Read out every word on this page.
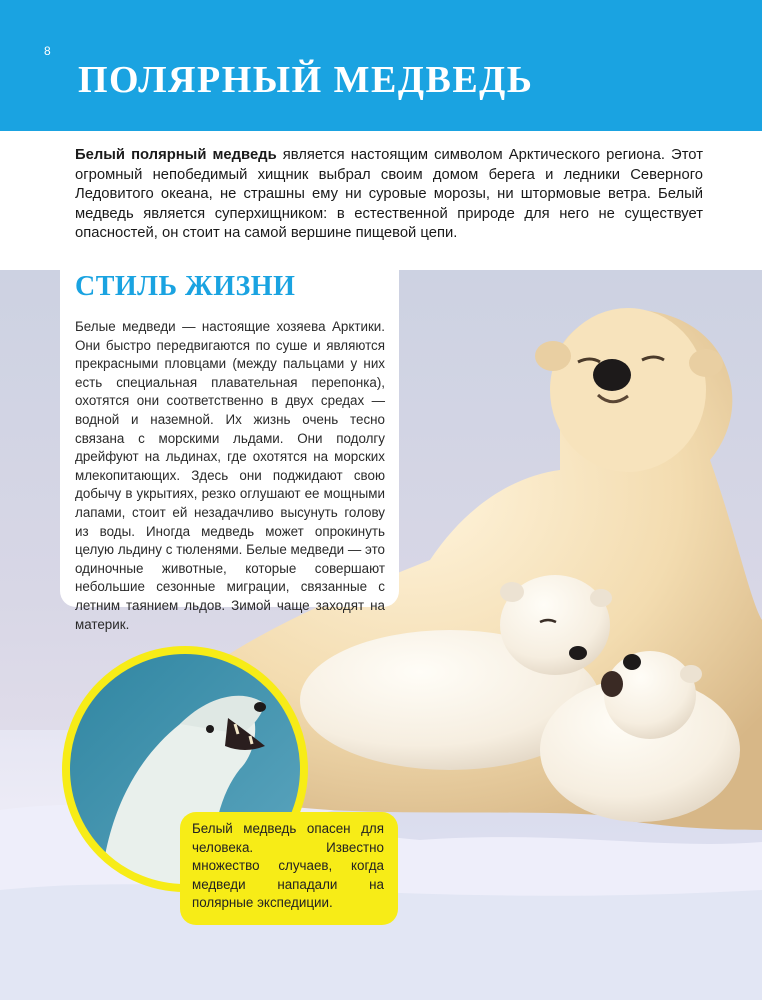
8
ПОЛЯРНЫЙ МЕДВЕДЬ

Белый полярный медведь является настоящим символом Арктического региона. Этот огромный непобедимый хищник выбрал своим домом берега и ледники Северного Ледовитого океана, не страшны ему ни суровые морозы, ни штормовые ветра. Белый медведь является суперхищником: в естественной природе для него не существует опасностей, он стоит на самой вершине пищевой цепи.

СТИЛЬ ЖИЗНИ

Белые медведи — настоящие хозяева Арктики. Они быстро передвигаются по суше и являются прекрасными пловцами (между пальцами у них есть специальная плавательная перепонка), охотятся они соответственно в двух средах — водной и наземной. Их жизнь очень тесно связана с морскими льдами. Они подолгу дрейфуют на льдинах, где охотятся на морских млекопитающих. Здесь они поджидают свою добычу в укрытиях, резко оглушают ее мощными лапами, стоит ей незадачливо высунуть голову из воды. Иногда медведь может опрокинуть целую льдину с тюленями. Белые медведи — это одиночные животные, которые совершают небольшие сезонные миграции, связанные с летним таянием льдов. Зимой чаще заходят на материк.

Белый медведь опасен для человека. Известно множество случаев, когда медведи нападали на полярные экспедиции.
